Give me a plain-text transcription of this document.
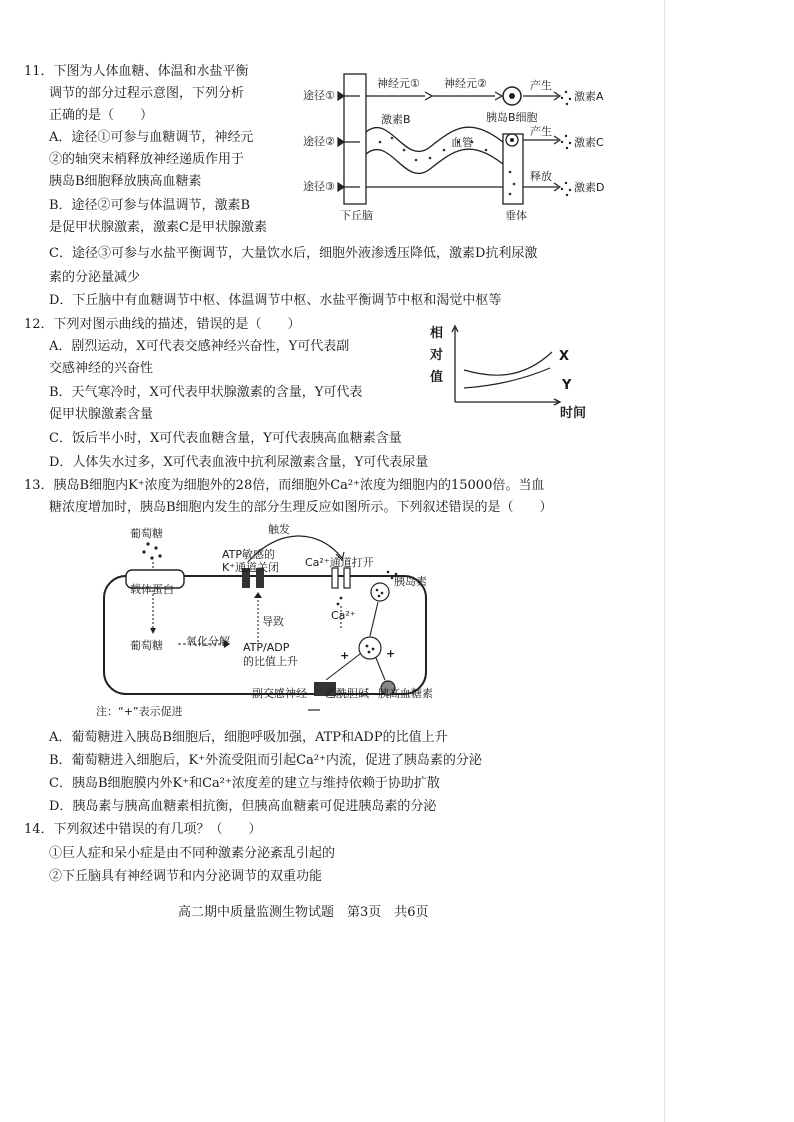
11．下图为人体血糖、体温和水盐平衡
调节的部分过程示意图，下列分析
正确的是（　　）
A．途径①可参与血糖调节，神经元
②的轴突末梢释放神经递质作用于
胰岛B细胞释放胰高血糖素
B．途径②可参与体温调节，激素B
是促甲状腺激素，激素C是甲状腺激素
C．途径③可参与水盐平衡调节，大量饮水后，细胞外液渗透压降低，激素D抗利尿激
素的分泌量减少
D．下丘脑中有血糖调节中枢、体温调节中枢、水盐平衡调节中枢和渴觉中枢等
途径①
途径②
途径③
神经元① 神经元②	产生
激素A
胰岛B细胞
激素B
血管
产生
激素C
释放
激素D
下丘脑	垂体
12．下列对图示曲线的描述，错误的是（　　）
A．剧烈运动，X可代表交感神经兴奋性，Y可代表副
交感神经的兴奋性
B．天气寒冷时，X可代表甲状腺激素的含量，Y可代表
促甲状腺激素含量
C．饭后半小时，X可代表血糖含量，Y可代表胰高血糖素含量
D．人体失水过多，X可代表血液中抗利尿激素含量，Y可代表尿量
相
对
值
X
Y
时间
13．胰岛B细胞内K⁺浓度为细胞外的28倍，而细胞外Ca²⁺浓度为细胞内的15000倍。当血
糖浓度增加时，胰岛B细胞内发生的部分生理反应如图所示。下列叙述错误的是（　　）
葡萄糖	触发
ATP敏感的
K⁺通道关闭 Ca²⁺通道打开
胰岛素
载体蛋白
导致	Ca²⁺
葡萄糖 氧化分解 ATP/ADP
的比值上升	+	+
副交感神经 乙酰胆碱 胰高血糖素
注：“+”表示促进
A．葡萄糖进入胰岛B细胞后，细胞呼吸加强，ATP和ADP的比值上升
B．葡萄糖进入细胞后，K⁺外流受阻而引起Ca²⁺内流，促进了胰岛素的分泌
C．胰岛B细胞膜内外K⁺和Ca²⁺浓度差的建立与维持依赖于协助扩散
D．胰岛素与胰高血糖素相抗衡，但胰高血糖素可促进胰岛素的分泌
14．下列叙述中错误的有几项？（　　）
①巨人症和呆小症是由不同种激素分泌紊乱引起的
②下丘脑具有神经调节和内分泌调节的双重功能
高二期中质量监测生物试题　第3页　共6页
